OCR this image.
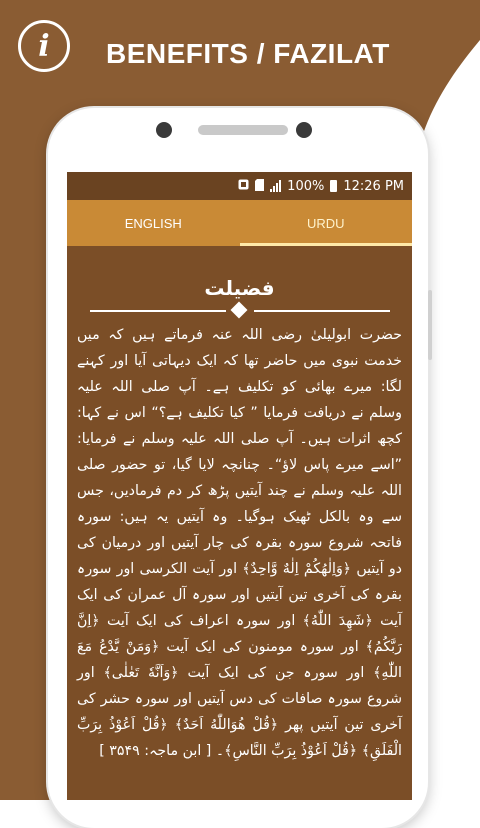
i BENEFITS / FAZILAT
100% 12:26 PM
ENGLISH	URDU
فضیلت
حضرت ابولیلیٰ رضی اللہ عنہ فرماتے ہیں کہ میں خدمت نبوی میں حاضر تھا کہ ایک دیہاتی آیا اور کہنے لگا: میرے بھائی کو تکلیف ہے۔ آپ صلی اللہ علیہ وسلم نے دریافت فرمایا ” کیا تکلیف ہے؟“ اس نے کہا: کچھ اثرات ہیں۔ آپ صلی اللہ علیہ وسلم نے فرمایا: ”اسے میرے پاس لاؤ“۔ چنانچہ لایا گیا، تو حضور صلی اللہ علیہ وسلم نے چند آیتیں پڑھ کر دم فرمادیں، جس سے وہ بالکل ٹھیک ہوگیا۔ وہ آیتیں یہ ہیں: سورہ فاتحہ شروع سورہ بقرہ کی چار آیتیں اور درمیان کی دو آیتیں ﴿وَاِلٰهُكُمْ اِلٰهٌ وَّاحِدٌ﴾ اور آیت الکرسی اور سورہ بقرہ کی آخری تین آیتیں اور سورہ آل عمران کی ایک آیت ﴿شَهِدَ اللّٰهُ﴾ اور سورہ اعراف کی ایک آیت ﴿اِنَّ رَبَّكُمُ﴾ اور سورہ مومنون کی ایک آیت ﴿وَمَنْ يَّدْعُ مَعَ اللّٰهِ﴾ اور سورہ جن کی ایک آیت ﴿وَاَنَّهٗ تَعٰلٰى﴾ اور شروع سورہ صافات کی دس آیتیں اور سورہ حشر کی آخری تین آیتیں پھر ﴿قُلْ هُوَاللّٰهُ اَحَدٌ﴾ ﴿قُلْ اَعُوْذُ بِرَبِّ الْفَلَقِ﴾ ﴿قُلْ اَعُوْذُ بِرَبِّ النَّاسِ﴾۔ [ ابن ماجہ: ۳۵۴۹ ]
